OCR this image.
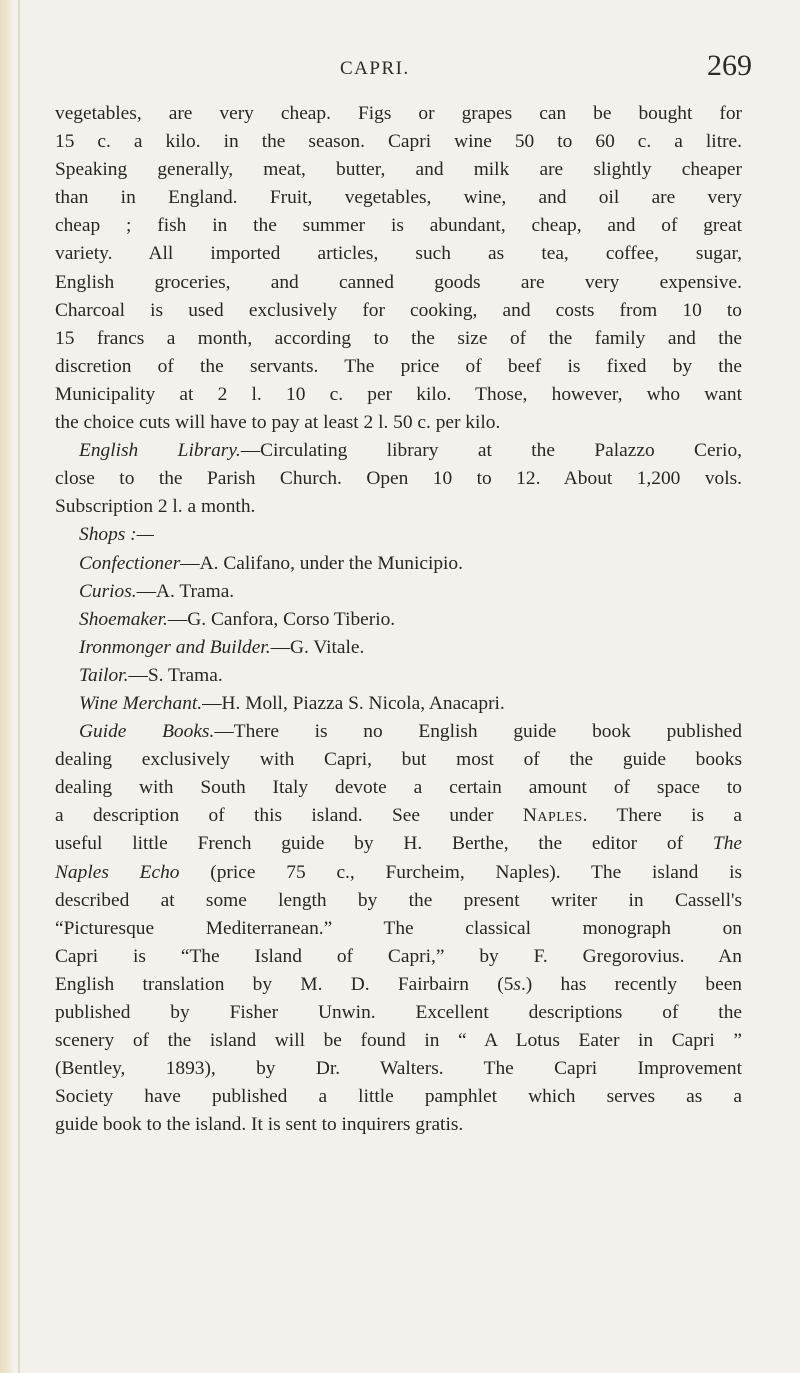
CAPRI.	269
vegetables, are very cheap. Figs or grapes can be bought for
15 c. a kilo. in the season. Capri wine 50 to 60 c. a litre.
Speaking generally, meat, butter, and milk are slightly cheaper
than in England. Fruit, vegetables, wine, and oil are very
cheap ; fish in the summer is abundant, cheap, and of great
variety. All imported articles, such as tea, coffee, sugar,
English groceries, and canned goods are very expensive.
Charcoal is used exclusively for cooking, and costs from 10 to
15 francs a month, according to the size of the family and the
discretion of the servants. The price of beef is fixed by the
Municipality at 2 l. 10 c. per kilo. Those, however, who want
the choice cuts will have to pay at least 2 l. 50 c. per kilo.
English Library.—Circulating library at the Palazzo Cerio,
close to the Parish Church. Open 10 to 12. About 1,200 vols.
Subscription 2 l. a month.
Shops :—
Confectioner—A. Califano, under the Municipio.
Curios.—A. Trama.
Shoemaker.—G. Canfora, Corso Tiberio.
Ironmonger and Builder.—G. Vitale.
Tailor.—S. Trama.
Wine Merchant.—H. Moll, Piazza S. Nicola, Anacapri.
Guide Books.—There is no English guide book published
dealing exclusively with Capri, but most of the guide books
dealing with South Italy devote a certain amount of space to
a description of this island. See under Naples. There is a
useful little French guide by H. Berthe, the editor of The
Naples Echo (price 75 c., Furcheim, Naples). The island is
described at some length by the present writer in Cassell's
“Picturesque Mediterranean.” The classical monograph on
Capri is “The Island of Capri,” by F. Gregorovius. An
English translation by M. D. Fairbairn (5s.) has recently been
published by Fisher Unwin. Excellent descriptions of the
scenery of the island will be found in “ A Lotus Eater in Capri ”
(Bentley, 1893), by Dr. Walters. The Capri Improvement
Society have published a little pamphlet which serves as a
guide book to the island. It is sent to inquirers gratis.
